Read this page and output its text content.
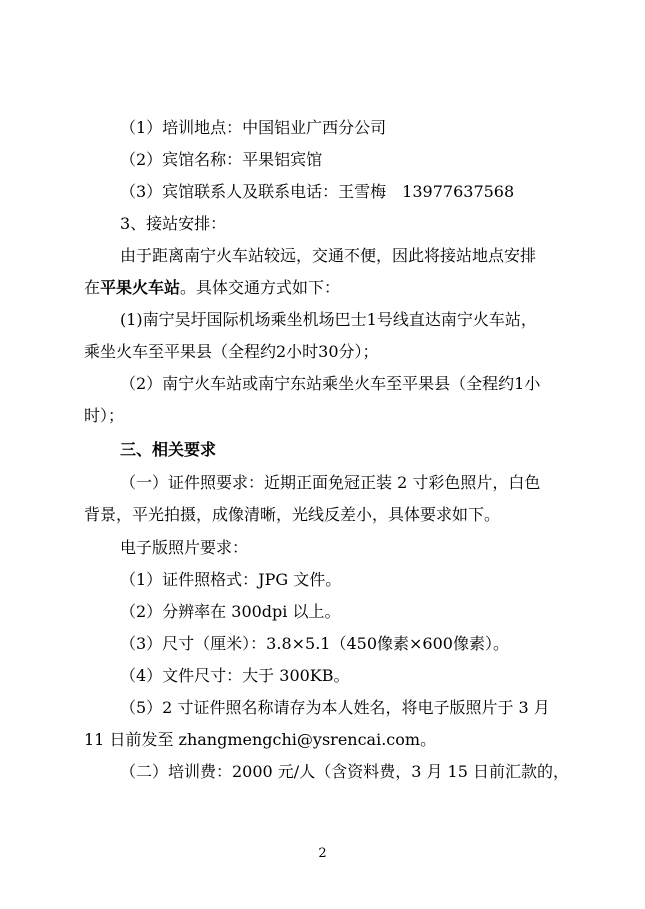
（1）培训地点：中国铝业广西分公司
（2）宾馆名称：平果铝宾馆
（3）宾馆联系人及联系电话：王雪梅　13977637568
3、接站安排：
由于距离南宁火车站较远，交通不便，因此将接站地点安排
在平果火车站。具体交通方式如下：
(1)南宁吴圩国际机场乘坐机场巴士1号线直达南宁火车站，
乘坐火车至平果县（全程约2小时30分）；
（2）南宁火车站或南宁东站乘坐火车至平果县（全程约1小
时）；
三、相关要求
（一）证件照要求：近期正面免冠正装 2 寸彩色照片，白色
背景，平光拍摄，成像清晰，光线反差小，具体要求如下。
电子版照片要求：
（1）证件照格式：JPG 文件。
（2）分辨率在 300dpi 以上。
（3）尺寸（厘米）：3.8×5.1（450像素×600像素）。
（4）文件尺寸：大于 300KB。
（5）2 寸证件照名称请存为本人姓名，将电子版照片于 3 月
11 日前发至 zhangmengchi@ysrencai.com。
（二）培训费：2000 元/人（含资料费，3 月 15 日前汇款的，
2
